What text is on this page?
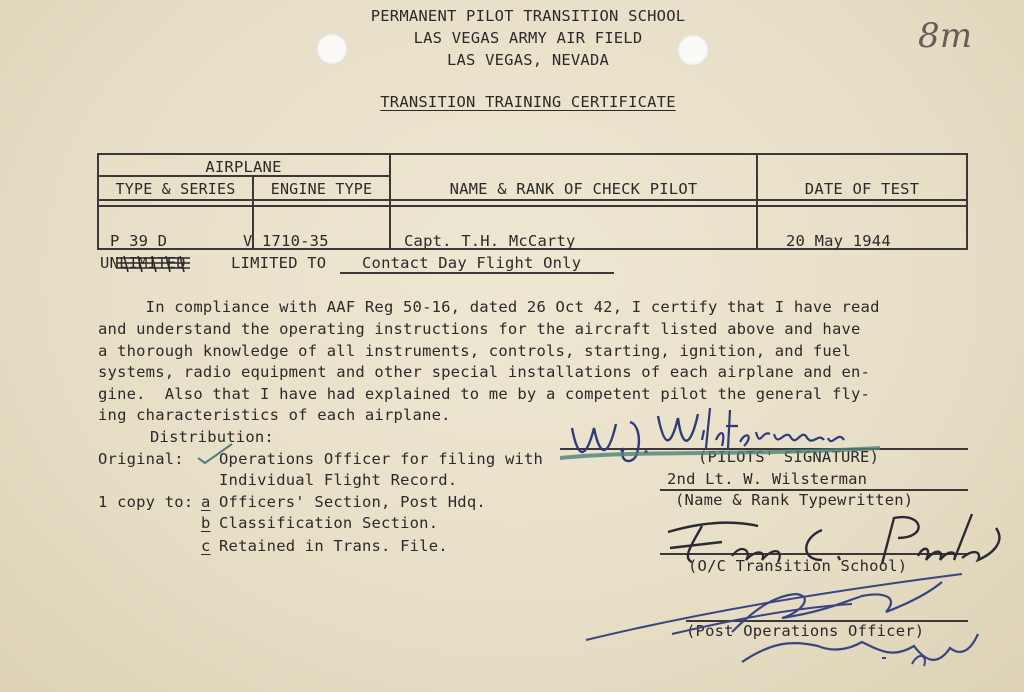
8m
PERMANENT PILOT TRANSITION SCHOOL
LAS VEGAS ARMY AIR FIELD
LAS VEGAS, NEVADA
TRANSITION TRAINING CERTIFICATE
AIRPLANE
TYPE & SERIES	ENGINE TYPE	NAME & RANK OF CHECK PILOT	DATE OF TEST
P 39 D	V 1710-35	Capt. T.H. McCarty	20 May 1944
UNLIMITED	LIMITED TO Contact Day Flight Only
In compliance with AAF Reg 50-16, dated 26 Oct 42, I certify that I have read
and understand the operating instructions for the aircraft listed above and have
a thorough knowledge of all instruments, controls, starting, ignition, and fuel
systems, radio equipment and other special installations of each airplane and en-
gine.  Also that I have had explained to me by a competent pilot the general fly-
ing characteristics of each airplane.
Distribution:
Original: Operations Officer for filing with
Individual Flight Record.
1 copy to: a Officers' Section, Post Hdq.
b Classification Section.
c Retained in Trans. File.
(PILOTS' SIGNATURE)
2nd Lt. W. Wilsterman
(Name & Rank Typewritten)
(O/C Transition School)
(Post Operations Officer)
